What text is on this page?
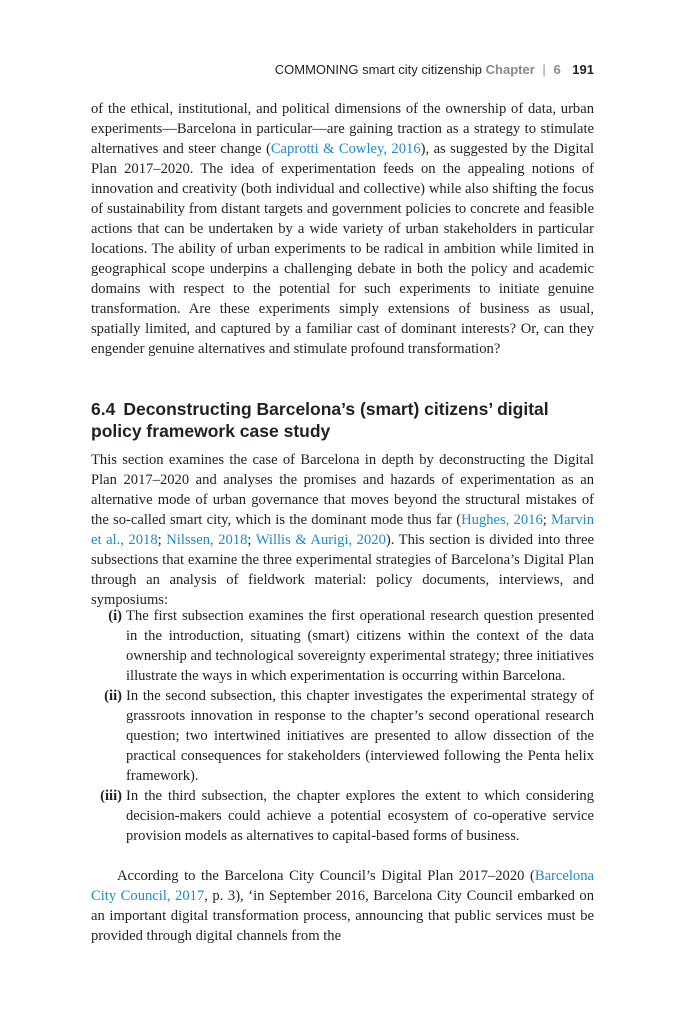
COMMONING smart city citizenship Chapter | 6 191

of the ethical, institutional, and political dimensions of the ownership of data, urban experiments—Barcelona in particular—are gaining traction as a strategy to stimulate alternatives and steer change (Caprotti & Cowley, 2016), as suggested by the Digital Plan 2017–2020. The idea of experimentation feeds on the appealing notions of innovation and creativity (both individual and collective) while also shifting the focus of sustainability from distant targets and government policies to concrete and feasible actions that can be undertaken by a wide variety of urban stakeholders in particular locations. The ability of urban experiments to be radical in ambition while limited in geographical scope underpins a challenging debate in both the policy and academic domains with respect to the potential for such experiments to initiate genuine transformation. Are these experiments simply extensions of business as usual, spatially limited, and captured by a familiar cast of dominant interests? Or, can they engender genuine alternatives and stimulate profound transformation?

6.4 Deconstructing Barcelona’s (smart) citizens’ digital policy framework case study

This section examines the case of Barcelona in depth by deconstructing the Digital Plan 2017–2020 and analyses the promises and hazards of experimentation as an alternative mode of urban governance that moves beyond the structural mistakes of the so-called smart city, which is the dominant mode thus far (Hughes, 2016; Marvin et al., 2018; Nilssen, 2018; Willis & Aurigi, 2020). This section is divided into three subsections that examine the three experimental strategies of Barcelona’s Digital Plan through an analysis of fieldwork material: policy documents, interviews, and symposiums:

(i) The first subsection examines the first operational research question presented in the introduction, situating (smart) citizens within the context of the data ownership and technological sovereignty experimental strategy; three initiatives illustrate the ways in which experimentation is occurring within Barcelona.

(ii) In the second subsection, this chapter investigates the experimental strategy of grassroots innovation in response to the chapter’s second operational research question; two intertwined initiatives are presented to allow dissection of the practical consequences for stakeholders (interviewed following the Penta helix framework).

(iii) In the third subsection, the chapter explores the extent to which considering decision-makers could achieve a potential ecosystem of co-operative service provision models as alternatives to capital-based forms of business.

According to the Barcelona City Council’s Digital Plan 2017–2020 (Barcelona City Council, 2017, p. 3), ‘in September 2016, Barcelona City Council embarked on an important digital transformation process, announcing that public services must be provided through digital channels from the
